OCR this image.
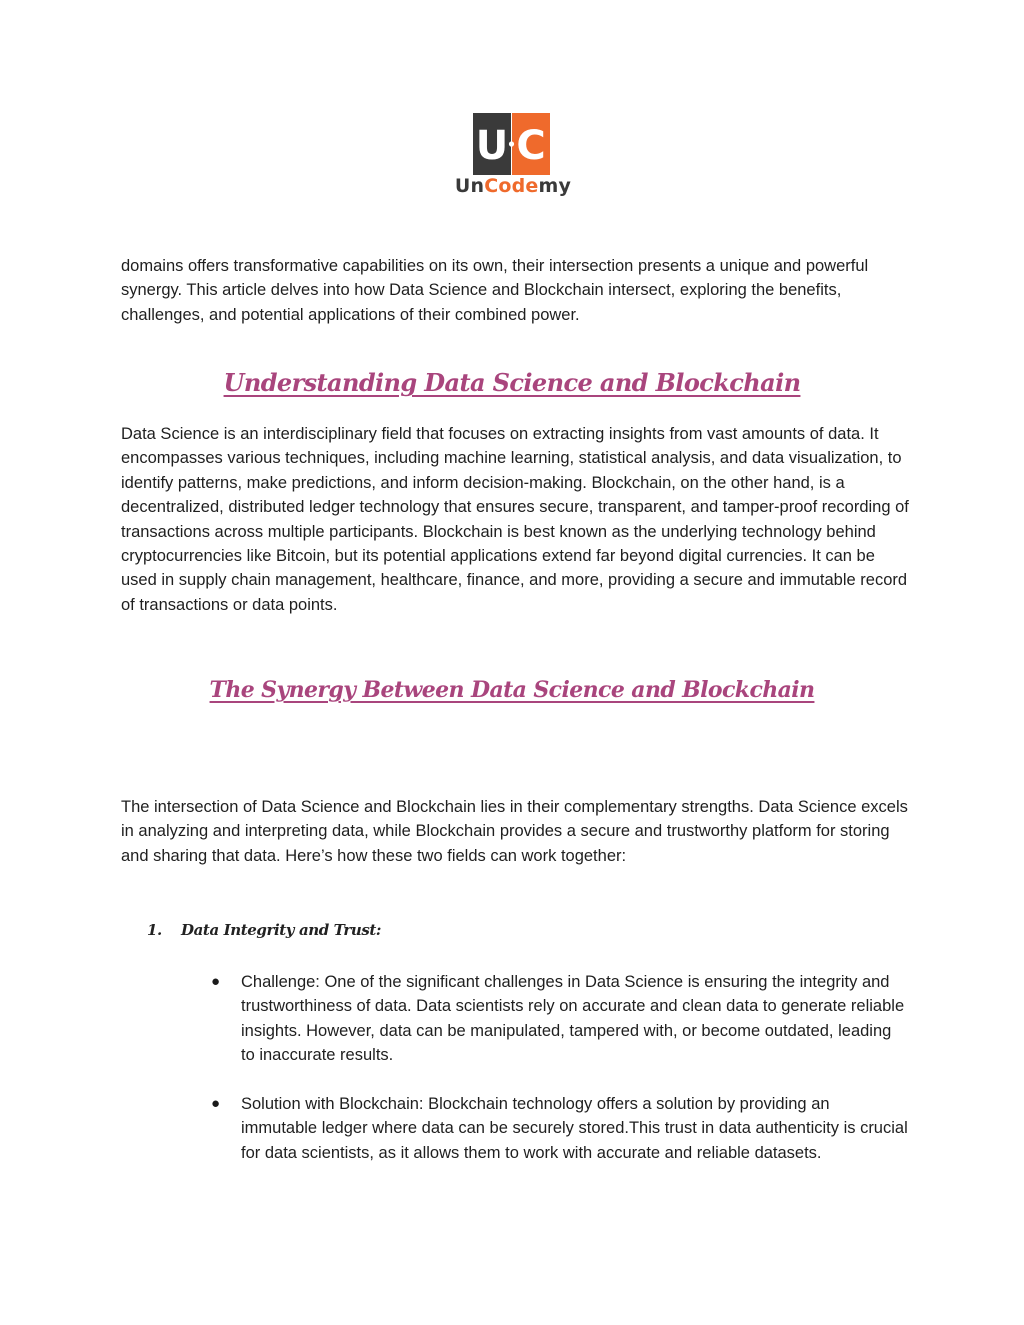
U C
UnCodemy

domains offers transformative capabilities on its own, their intersection presents a unique and powerful synergy. This article delves into how Data Science and Blockchain intersect, exploring the benefits, challenges, and potential applications of their combined power.

Understanding Data Science and Blockchain

Data Science is an interdisciplinary field that focuses on extracting insights from vast amounts of data. It encompasses various techniques, including machine learning, statistical analysis, and data visualization, to identify patterns, make predictions, and inform decision-making. Blockchain, on the other hand, is a decentralized, distributed ledger technology that ensures secure, transparent, and tamper-proof recording of transactions across multiple participants. Blockchain is best known as the underlying technology behind cryptocurrencies like Bitcoin, but its potential applications extend far beyond digital currencies. It can be used in supply chain management, healthcare, finance, and more, providing a secure and immutable record of transactions or data points.

The Synergy Between Data Science and Blockchain

The intersection of Data Science and Blockchain lies in their complementary strengths. Data Science excels in analyzing and interpreting data, while Blockchain provides a secure and trustworthy platform for storing and sharing that data. Here’s how these two fields can work together:

1. Data Integrity and Trust:
● Challenge: One of the significant challenges in Data Science is ensuring the integrity and trustworthiness of data. Data scientists rely on accurate and clean data to generate reliable insights. However, data can be manipulated, tampered with, or become outdated, leading to inaccurate results.

● Solution with Blockchain: Blockchain technology offers a solution by providing an immutable ledger where data can be securely stored.This trust in data authenticity is crucial for data scientists, as it allows them to work with accurate and reliable datasets.
